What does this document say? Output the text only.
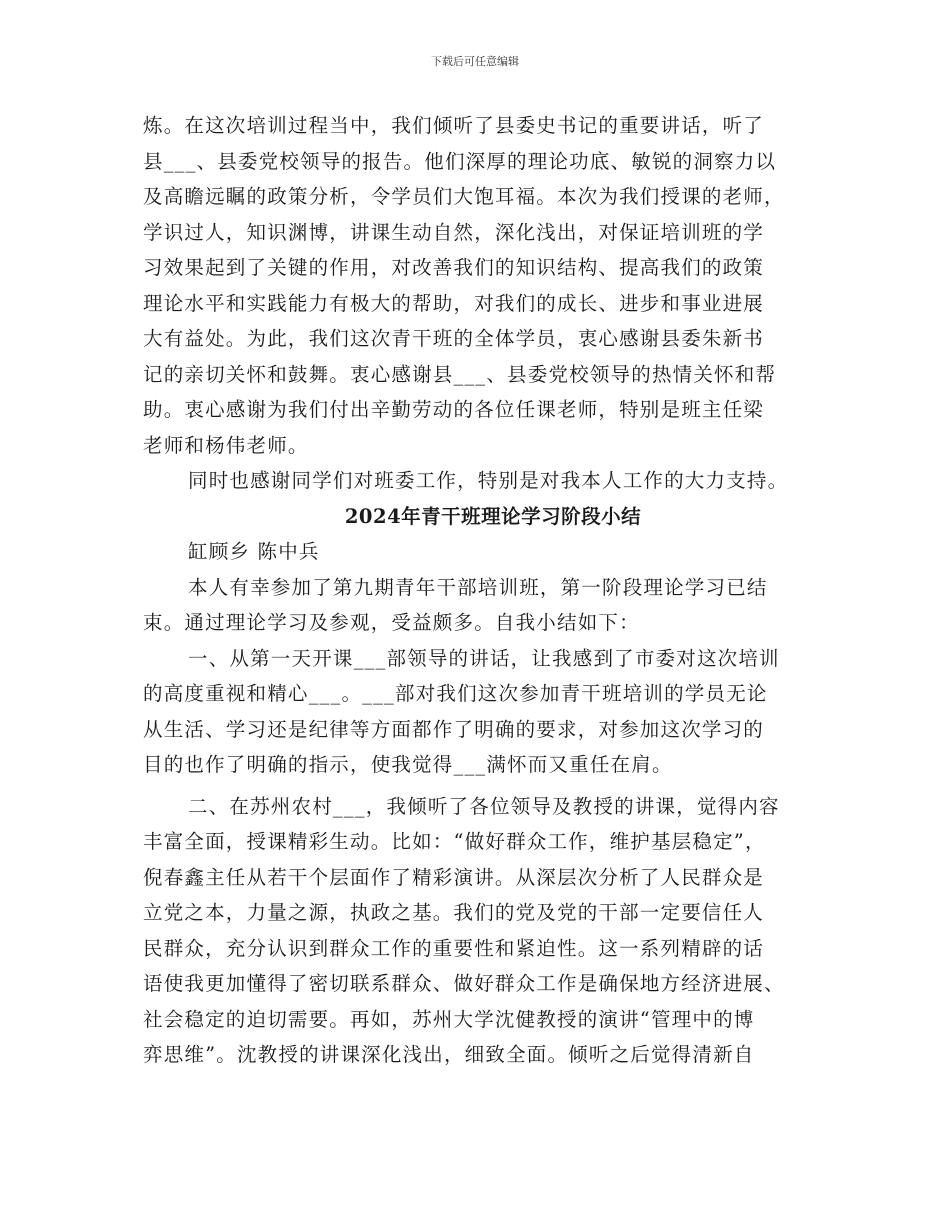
下载后可任意编辑
炼。在这次培训过程当中，我们倾听了县委史书记的重要讲话，听了
县___、县委党校领导的报告。他们深厚的理论功底、敏锐的洞察力以
及高瞻远瞩的政策分析，令学员们大饱耳福。本次为我们授课的老师，
学识过人，知识渊博，讲课生动自然，深化浅出，对保证培训班的学
习效果起到了关键的作用，对改善我们的知识结构、提高我们的政策
理论水平和实践能力有极大的帮助，对我们的成长、进步和事业进展
大有益处。为此，我们这次青干班的全体学员，衷心感谢县委朱新书
记的亲切关怀和鼓舞。衷心感谢县___、县委党校领导的热情关怀和帮
助。衷心感谢为我们付出辛勤劳动的各位任课老师，特别是班主任梁
老师和杨伟老师。
同时也感谢同学们对班委工作，特别是对我本人工作的大力支持。
2024年青干班理论学习阶段小结
缸顾乡 陈中兵
本人有幸参加了第九期青年干部培训班，第一阶段理论学习已结
束。通过理论学习及参观，受益颇多。自我小结如下：
一、从第一天开课___部领导的讲话，让我感到了市委对这次培训
的高度重视和精心___。___部对我们这次参加青干班培训的学员无论
从生活、学习还是纪律等方面都作了明确的要求，对参加这次学习的
目的也作了明确的指示，使我觉得___满怀而又重任在肩。
二、在苏州农村___，我倾听了各位领导及教授的讲课，觉得内容
丰富全面，授课精彩生动。比如：“做好群众工作，维护基层稳定”，
倪春鑫主任从若干个层面作了精彩演讲。从深层次分析了人民群众是
立党之本，力量之源，执政之基。我们的党及党的干部一定要信任人
民群众，充分认识到群众工作的重要性和紧迫性。这一系列精辟的话
语使我更加懂得了密切联系群众、做好群众工作是确保地方经济进展、
社会稳定的迫切需要。再如，苏州大学沈健教授的演讲“管理中的博
弈思维”。沈教授的讲课深化浅出，细致全面。倾听之后觉得清新自
